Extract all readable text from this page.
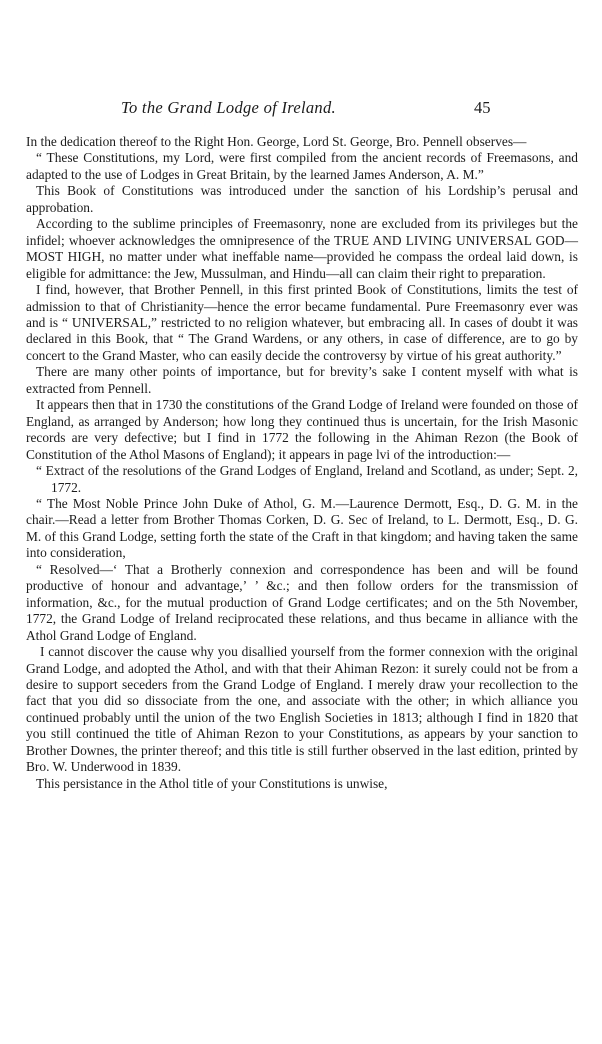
To the Grand Lodge of Ireland.	45

In the dedication thereof to the Right Hon. George, Lord St. George, Bro. Pennell observes—

“ These Constitutions, my Lord, were first compiled from the ancient records of Freemasons, and adapted to the use of Lodges in Great Britain, by the learned James Anderson, A. M.”

This Book of Constitutions was introduced under the sanction of his Lordship’s perusal and approbation.

According to the sublime principles of Freemasonry, none are excluded from its privileges but the infidel; whoever acknowledges the omnipresence of the TRUE AND LIVING UNIVERSAL GOD—MOST HIGH, no matter under what ineffable name—provided he compass the ordeal laid down, is eligible for admittance: the Jew, Mussulman, and Hindu—all can claim their right to preparation.

I find, however, that Brother Pennell, in this first printed Book of Constitutions, limits the test of admission to that of Christianity—hence the error became fundamental. Pure Freemasonry ever was and is “ UNIVERSAL,” restricted to no religion whatever, but embracing all. In cases of doubt it was declared in this Book, that “ The Grand Wardens, or any others, in case of difference, are to go by concert to the Grand Master, who can easily decide the controversy by virtue of his great authority.”

There are many other points of importance, but for brevity’s sake I content myself with what is extracted from Pennell.

It appears then that in 1730 the constitutions of the Grand Lodge of Ireland were founded on those of England, as arranged by Anderson; how long they continued thus is uncertain, for the Irish Masonic records are very defective; but I find in 1772 the following in the Ahiman Rezon (the Book of Constitution of the Athol Masons of England); it appears in page lvi of the introduction:—

“ Extract of the resolutions of the Grand Lodges of England, Ireland and Scotland, as under; Sept. 2, 1772.

“ The Most Noble Prince John Duke of Athol, G. M.—Laurence Dermott, Esq., D. G. M. in the chair.—Read a letter from Brother Thomas Corken, D. G. Sec of Ireland, to L. Dermott, Esq., D. G. M. of this Grand Lodge, setting forth the state of the Craft in that kingdom; and having taken the same into consideration,

“ Resolved—‘ That a Brotherly connexion and correspondence has been and will be found productive of honour and advantage,’ ’ &c.; and then follow orders for the transmission of information, &c., for the mutual production of Grand Lodge certificates; and on the 5th November, 1772, the Grand Lodge of Ireland reciprocated these relations, and thus became in alliance with the Athol Grand Lodge of England.

I cannot discover the cause why you disallied yourself from the former connexion with the original Grand Lodge, and adopted the Athol, and with that their Ahiman Rezon: it surely could not be from a desire to support seceders from the Grand Lodge of England. I merely draw your recollection to the fact that you did so dissociate from the one, and associate with the other; in which alliance you continued probably until the union of the two English Societies in 1813; although I find in 1820 that you still continued the title of Ahiman Rezon to your Constitutions, as appears by your sanction to Brother Downes, the printer thereof; and this title is still further observed in the last edition, printed by Bro. W. Underwood in 1839.

This persistance in the Athol title of your Constitutions is unwise,
